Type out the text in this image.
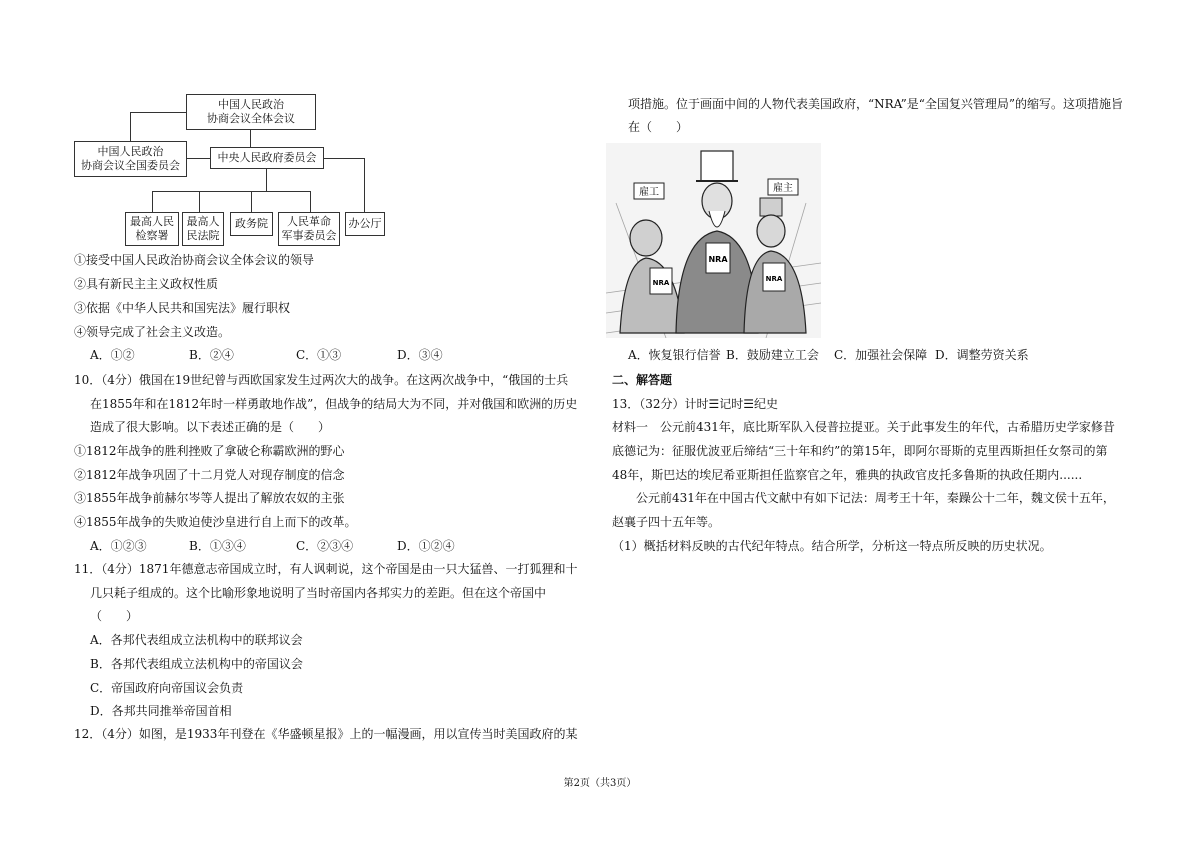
中国人民政治
协商会议全体会议
中国人民政治
协商会议全国委员会
中央人民政府委员会
最高人民
检察署
最高人
民法院
政务院 人民革命
军事委员会
办公厅
①接受中国人民政治协商会议全体会议的领导
②具有新民主主义政权性质
③依据《中华人民共和国宪法》履行职权
④领导完成了社会主义改造。
A．①②	B．②④	C．①③	D．③④
10．（4分）俄国在19世纪曾与西欧国家发生过两次大的战争。在这两次战争中，“俄国的士兵
在1855年和在1812年时一样勇敢地作战”，但战争的结局大为不同，并对俄国和欧洲的历史
造成了很大影响。以下表述正确的是（　　）
①1812年战争的胜利挫败了拿破仑称霸欧洲的野心
②1812年战争巩固了十二月党人对现存制度的信念
③1855年战争前赫尔岑等人提出了解放农奴的主张
④1855年战争的失败迫使沙皇进行自上而下的改革。
A．①②③	B．①③④	C．②③④	D．①②④
11．（4分）1871年德意志帝国成立时，有人讽刺说，这个帝国是由一只大猛兽、一打狐狸和十
几只耗子组成的。这个比喻形象地说明了当时帝国内各邦实力的差距。但在这个帝国中
（　　）
A．各邦代表组成立法机构中的联邦议会
B．各邦代表组成立法机构中的帝国议会
C．帝国政府向帝国议会负责
D．各邦共同推举帝国首相
12．（4分）如图，是1933年刊登在《华盛顿星报》上的一幅漫画，用以宣传当时美国政府的某
项措施。位于画面中间的人物代表美国政府，“NRA”是“全国复兴管理局”的缩写。这项措施旨
在（　　）
雇工	雇主
NRA
NRA
NRA
A．恢复银行信誉 B．鼓励建立工会 C．加强社会保障 D．调整劳资关系
二、解答题
13．（32分）计时☰记时☰纪史
材料一　公元前431年，底比斯军队入侵普拉提亚。关于此事发生的年代，古希腊历史学家修昔
底德记为：征服优波亚后缔结“三十年和约”的第15年，即阿尔哥斯的克里西斯担任女祭司的第
48年，斯巴达的埃尼希亚斯担任监察官之年，雅典的执政官皮托多鲁斯的执政任期内......
　　公元前431年在中国古代文献中有如下记法：周考王十年，秦躁公十二年，魏文侯十五年，
赵襄子四十五年等。
（1）概括材料反映的古代纪年特点。结合所学，分析这一特点所反映的历史状况。
第2页（共3页）
